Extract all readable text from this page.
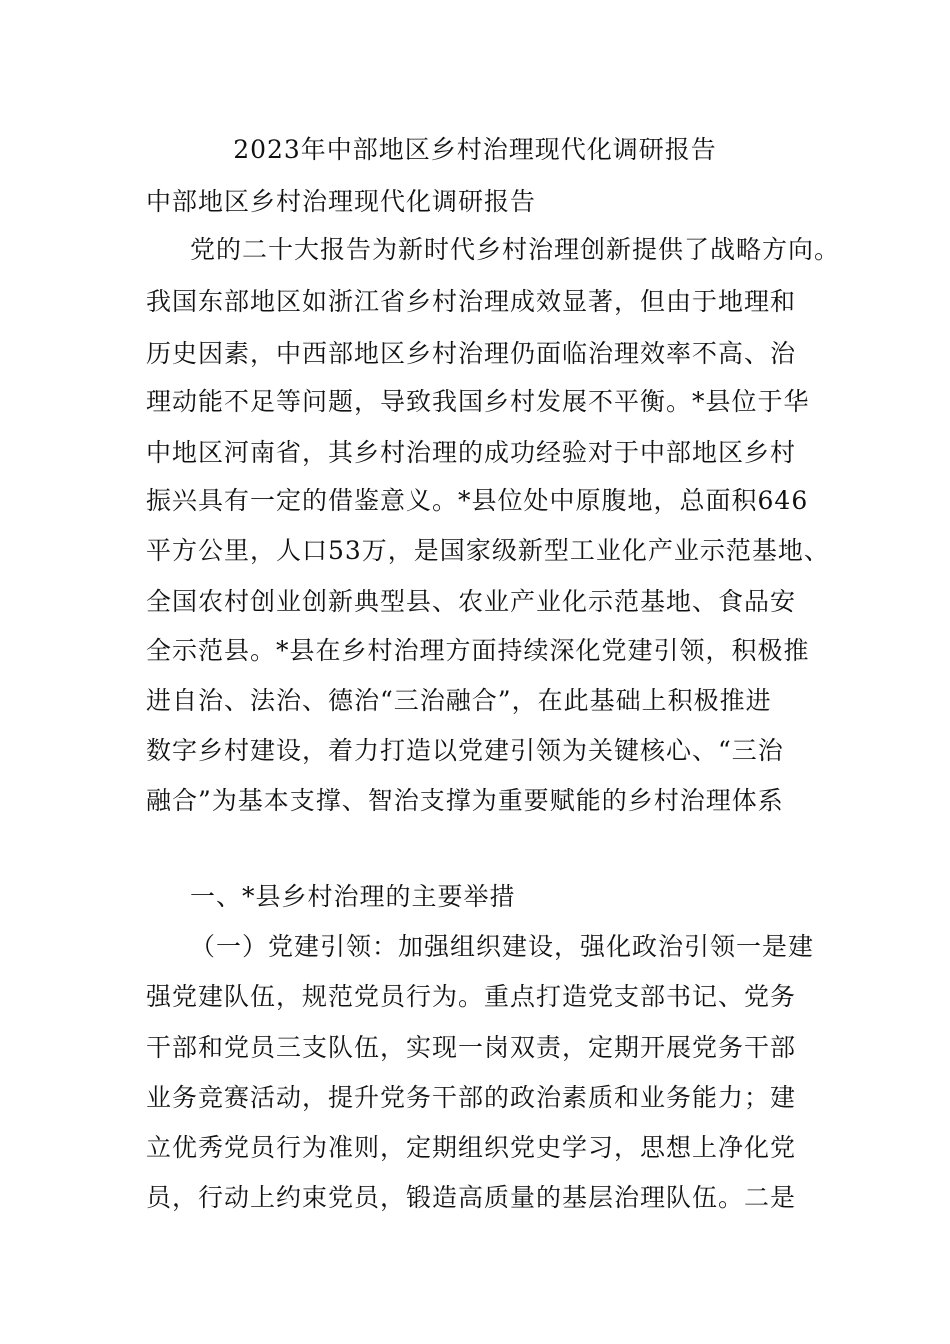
2023年中部地区乡村治理现代化调研报告
中部地区乡村治理现代化调研报告
党的二十大报告为新时代乡村治理创新提供了战略方向。
我国东部地区如浙江省乡村治理成效显著，但由于地理和
历史因素，中西部地区乡村治理仍面临治理效率不高、治
理动能不足等问题，导致我国乡村发展不平衡。*县位于华
中地区河南省，其乡村治理的成功经验对于中部地区乡村
振兴具有一定的借鉴意义。*县位处中原腹地，总面积646
平方公里，人口53万，是国家级新型工业化产业示范基地、
全国农村创业创新典型县、农业产业化示范基地、食品安
全示范县。*县在乡村治理方面持续深化党建引领，积极推
进自治、法治、德治“三治融合”，在此基础上积极推进
数字乡村建设，着力打造以党建引领为关键核心、“三治
融合”为基本支撑、智治支撑为重要赋能的乡村治理体系
一、*县乡村治理的主要举措
（一）党建引领：加强组织建设，强化政治引领一是建
强党建队伍，规范党员行为。重点打造党支部书记、党务
干部和党员三支队伍，实现一岗双责，定期开展党务干部
业务竞赛活动，提升党务干部的政治素质和业务能力；建
立优秀党员行为准则，定期组织党史学习，思想上净化党
员，行动上约束党员，锻造高质量的基层治理队伍。二是
